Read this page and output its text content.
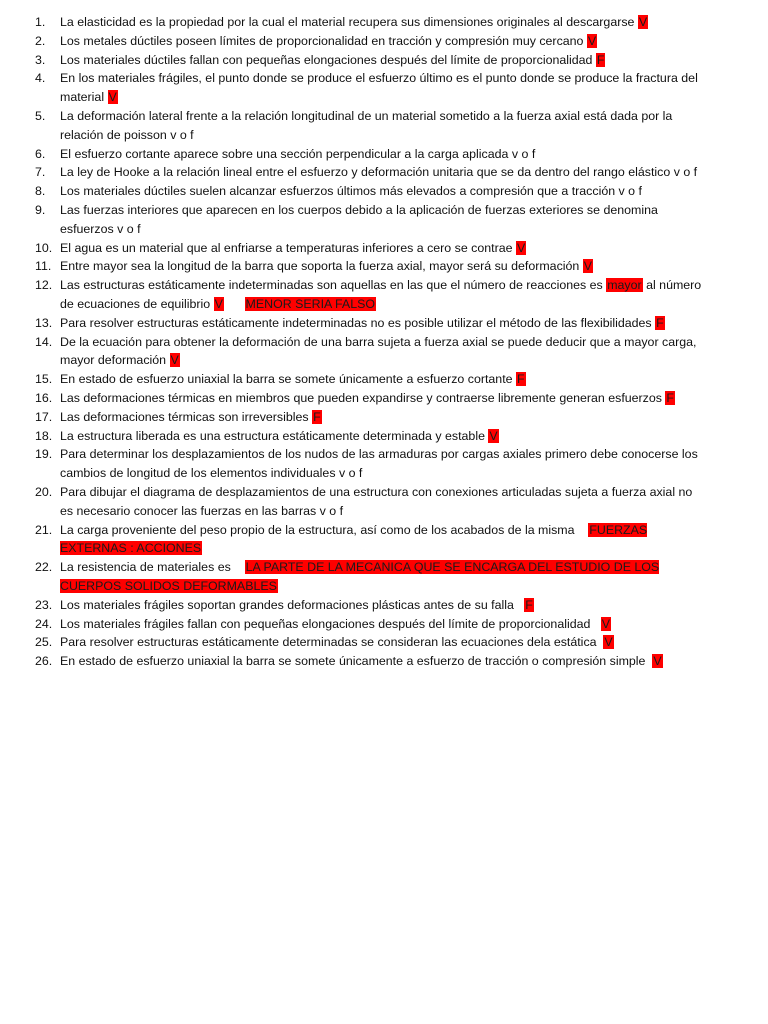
1. La elasticidad es la propiedad por la cual el material recupera sus dimensiones originales al descargarse V
2. Los metales dúctiles poseen límites de proporcionalidad en tracción y compresión muy cercano V
3. Los materiales dúctiles fallan con pequeñas elongaciones después del límite de proporcionalidad F
4. En los materiales frágiles, el punto donde se produce el esfuerzo último es el punto donde se produce la fractura del material V
5. La deformación lateral frente a la relación longitudinal de un material sometido a la fuerza axial está dada por la relación de poisson v o f
6. El esfuerzo cortante aparece sobre una sección perpendicular a la carga aplicada v o f
7. La ley de Hooke a la relación lineal entre el esfuerzo y deformación unitaria que se da dentro del rango elástico v o f
8. Los materiales dúctiles suelen alcanzar esfuerzos últimos más elevados a compresión que a tracción v o f
9. Las fuerzas interiores que aparecen en los cuerpos debido a la aplicación de fuerzas exteriores se denomina esfuerzos v o f
10. El agua es un material que al enfriarse a temperaturas inferiores a cero se contrae V
11. Entre mayor sea la longitud de la barra que soporta la fuerza axial, mayor será su deformación V
12. Las estructuras estáticamente indeterminadas son aquellas en las que el número de reacciones es mayor al número de ecuaciones de equilibrio V MENOR SERIA FALSO
13. Para resolver estructuras estáticamente indeterminadas no es posible utilizar el método de las flexibilidades F
14. De la ecuación para obtener la deformación de una barra sujeta a fuerza axial se puede deducir que a mayor carga, mayor deformación V
15. En estado de esfuerzo uniaxial la barra se somete únicamente a esfuerzo cortante F
16. Las deformaciones térmicas en miembros que pueden expandirse y contraerse libremente generan esfuerzos F
17. Las deformaciones térmicas son irreversibles F
18. La estructura liberada es una estructura estáticamente determinada y estable V
19. Para determinar los desplazamientos de los nudos de las armaduras por cargas axiales primero debe conocerse los cambios de longitud de los elementos individuales v o f
20. Para dibujar el diagrama de desplazamientos de una estructura con conexiones articuladas sujeta a fuerza axial no es necesario conocer las fuerzas en las barras v o f
21. La carga proveniente del peso propio de la estructura, así como de los acabados de la misma FUERZAS EXTERNAS : ACCIONES
22. La resistencia de materiales es LA PARTE DE LA MECANICA QUE SE ENCARGA DEL ESTUDIO DE LOS CUERPOS SOLIDOS DEFORMABLES
23. Los materiales frágiles soportan grandes deformaciones plásticas antes de su falla F
24. Los materiales frágiles fallan con pequeñas elongaciones después del límite de proporcionalidad V
25. Para resolver estructuras estáticamente determinadas se consideran las ecuaciones dela estática V
26. En estado de esfuerzo uniaxial la barra se somete únicamente a esfuerzo de tracción o compresión simple V
